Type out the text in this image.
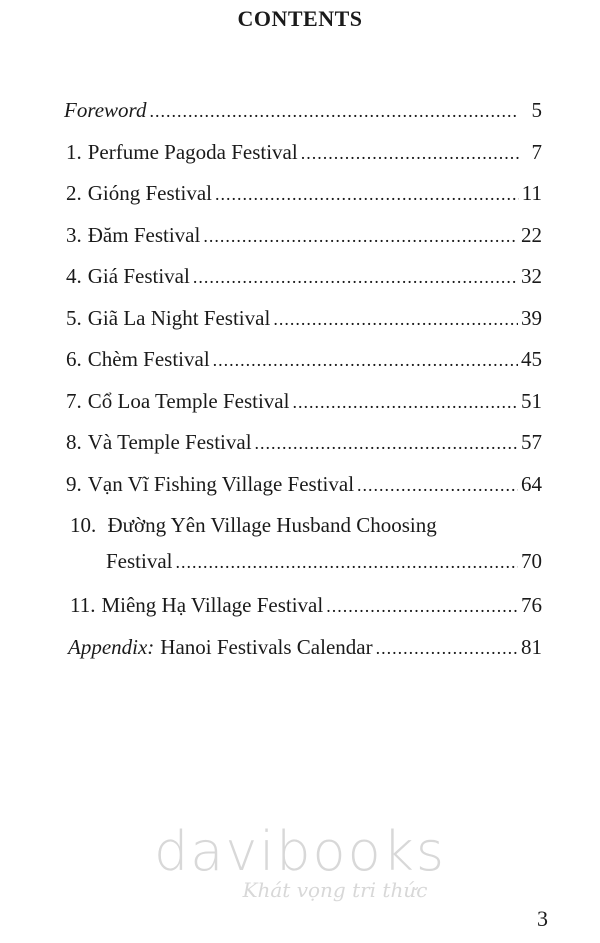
CONTENTS
Foreword .....	5
1. Perfume Pagoda Festival .....	7
2. Gióng Festival .....	11
3. Đăm Festival .....	22
4. Giá Festival .....	32
5. Giã La Night Festival .....	39
6. Chèm Festival .....	45
7. Cổ Loa Temple Festival .....	51
8. Và Temple Festival .....	57
9. Vạn Vĩ Fishing Village Festival .....	64
10. Đường Yên Village Husband Choosing
Festival .....	70
11. Miêng Hạ Village Festival .....	76
Appendix: Hanoi Festivals Calendar .....	81
davibooks
Khát vọng tri thức
3
